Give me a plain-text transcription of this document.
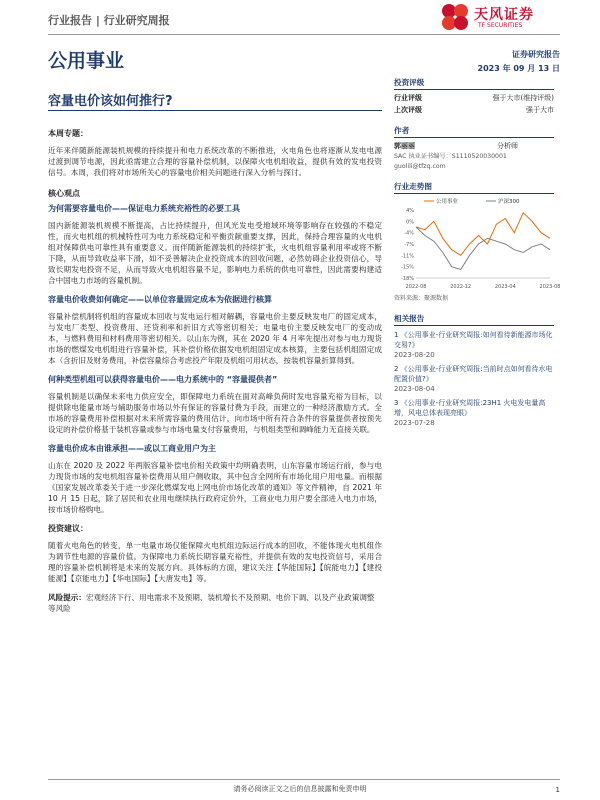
行业报告 | 行业研究周报	天风证券
TF SECURITIES
公用事业	证券研究报告
2023 年 09 月 13 日
容量电价该如何推行?
本周专题：
近年来伴随新能源装机规模的持续提升和电力系统改革的不断推进，火电角色也将逐渐从发电电源过渡到调节电源，因此亟需建立合理的容量补偿机制，以保障火电机组收益，提供有效的发电投资信号。本周，我们将对市场所关心的容量电价相关问题进行深入分析与探讨。
核心观点
为何需要容量电价——保证电力系统充裕性的必要工具
国内新能源装机规模不断提高，占比持续提升，但风光发电受地域环境等影响存在较强的不稳定性，而火电机组的机械特性可为电力系统稳定和平衡贡献重要支撑，因此，保持合理容量的火电机组对保障供电可靠性具有重要意义。而伴随新能源装机的持续扩张，火电机组容量利用率或将不断下降，从而导致收益率下滑，如不妥善解决企业投资成本的回收问题，必然妨碍企业投资信心，导致长期发电投资不足，从而导致火电机组容量不足，影响电力系统的供电可靠性，因此需要构建适合中国电力市场的容量机制。
容量电价收费如何确定——以单位容量固定成本为依据进行核算
容量补偿机制将机组的容量成本回收与发电运行相对解耦，容量电价主要反映发电厂的固定成本，与发电厂类型、投资费用、还贷利率和折旧方式等密切相关；电量电价主要反映发电厂的变动成本，与燃料费用和材料费用等密切相关。以山东为例，其在 2020 年 4 月率先提出对参与电力现货市场的燃煤发电机组进行容量补偿，其补偿价格依据发电机组固定成本核算，主要包括机组固定成本（含折旧及财务费用，补偿容量综合考虑投产年限及机组可用状态，按装机容量折算得到。
何种类型机组可以获得容量电价——电力系统中的 “容量提供者”
容量机制是以确保未来电力供应安全，即保障电力系统在面对高峰负荷时发电容量充裕为目标，以提供除电能量市场与辅助服务市场以外有保证的容量付费为手段，而建立的一种经济激励方式。全市场的容量费用补偿根据对未来所需容量的费用估计，向市场中所有符合条件的容量提供者按预先设定的补偿价格基于装机容量或参与市场电量支付容量费用，与机组类型和调峰能力无直接关联。
容量电价成本由谁承担——或以工商业用户为主
山东在 2020 及 2022 年两版容量补偿电价相关政策中均明确表明，山东容量市场运行前，参与电力现货市场的发电机组容量补偿费用从用户侧收取，其中包含全网所有市场化用户用电量。而根据《国家发展改革委关于进一步深化燃煤发电上网电价市场化改革的通知》等文件精神，自 2021 年 10 月 15 日起，除了居民和农业用电继续执行政府定价外，工商业电力用户要全部进入电力市场，按市场价格购电。
投资建议：
随着火电角色的转变，单一电量市场仅能保障火电机组边际运行成本的回收，不能体现火电机组作为调节性电源的容量价值。为保障电力系统长期容量充裕性，并提供有效的发电投资信号，采用合理的容量补偿机制将是未来的发展方向。具体标的方面，建议关注【华能国际】【皖能电力】【建投能源】【京能电力】【华电国际】【大唐发电】等。
风险提示：宏观经济下行、用电需求不及预期、装机增长不及预期、电价下调、以及产业政策调整等风险
投资评级
行业评级	强于大市(维持评级)
上次评级	强于大市
作者
郭丽丽	分析师
SAC 执业证书编号：S1110520030001
guolili@tfzq.com
行业走势图
4%
0%
-4%
-7%
-11%
-15%
-18%
2022-08	2022-12	2023-04	2023-08
公用事业	沪深300
资料来源：聚源数据
相关报告
1 《公用事业-行业研究周报:如何看待新能源市场化交易?》
2023-08-20
2 《公用事业-行业研究周报:当前时点如何看待水电配置价值?》
2023-08-04
3 《公用事业-行业研究周报:23H1 火电发电量高增，风电总体表现亮眼》
2023-07-28
请务必阅读正文之后的信息披露和免责申明	1
